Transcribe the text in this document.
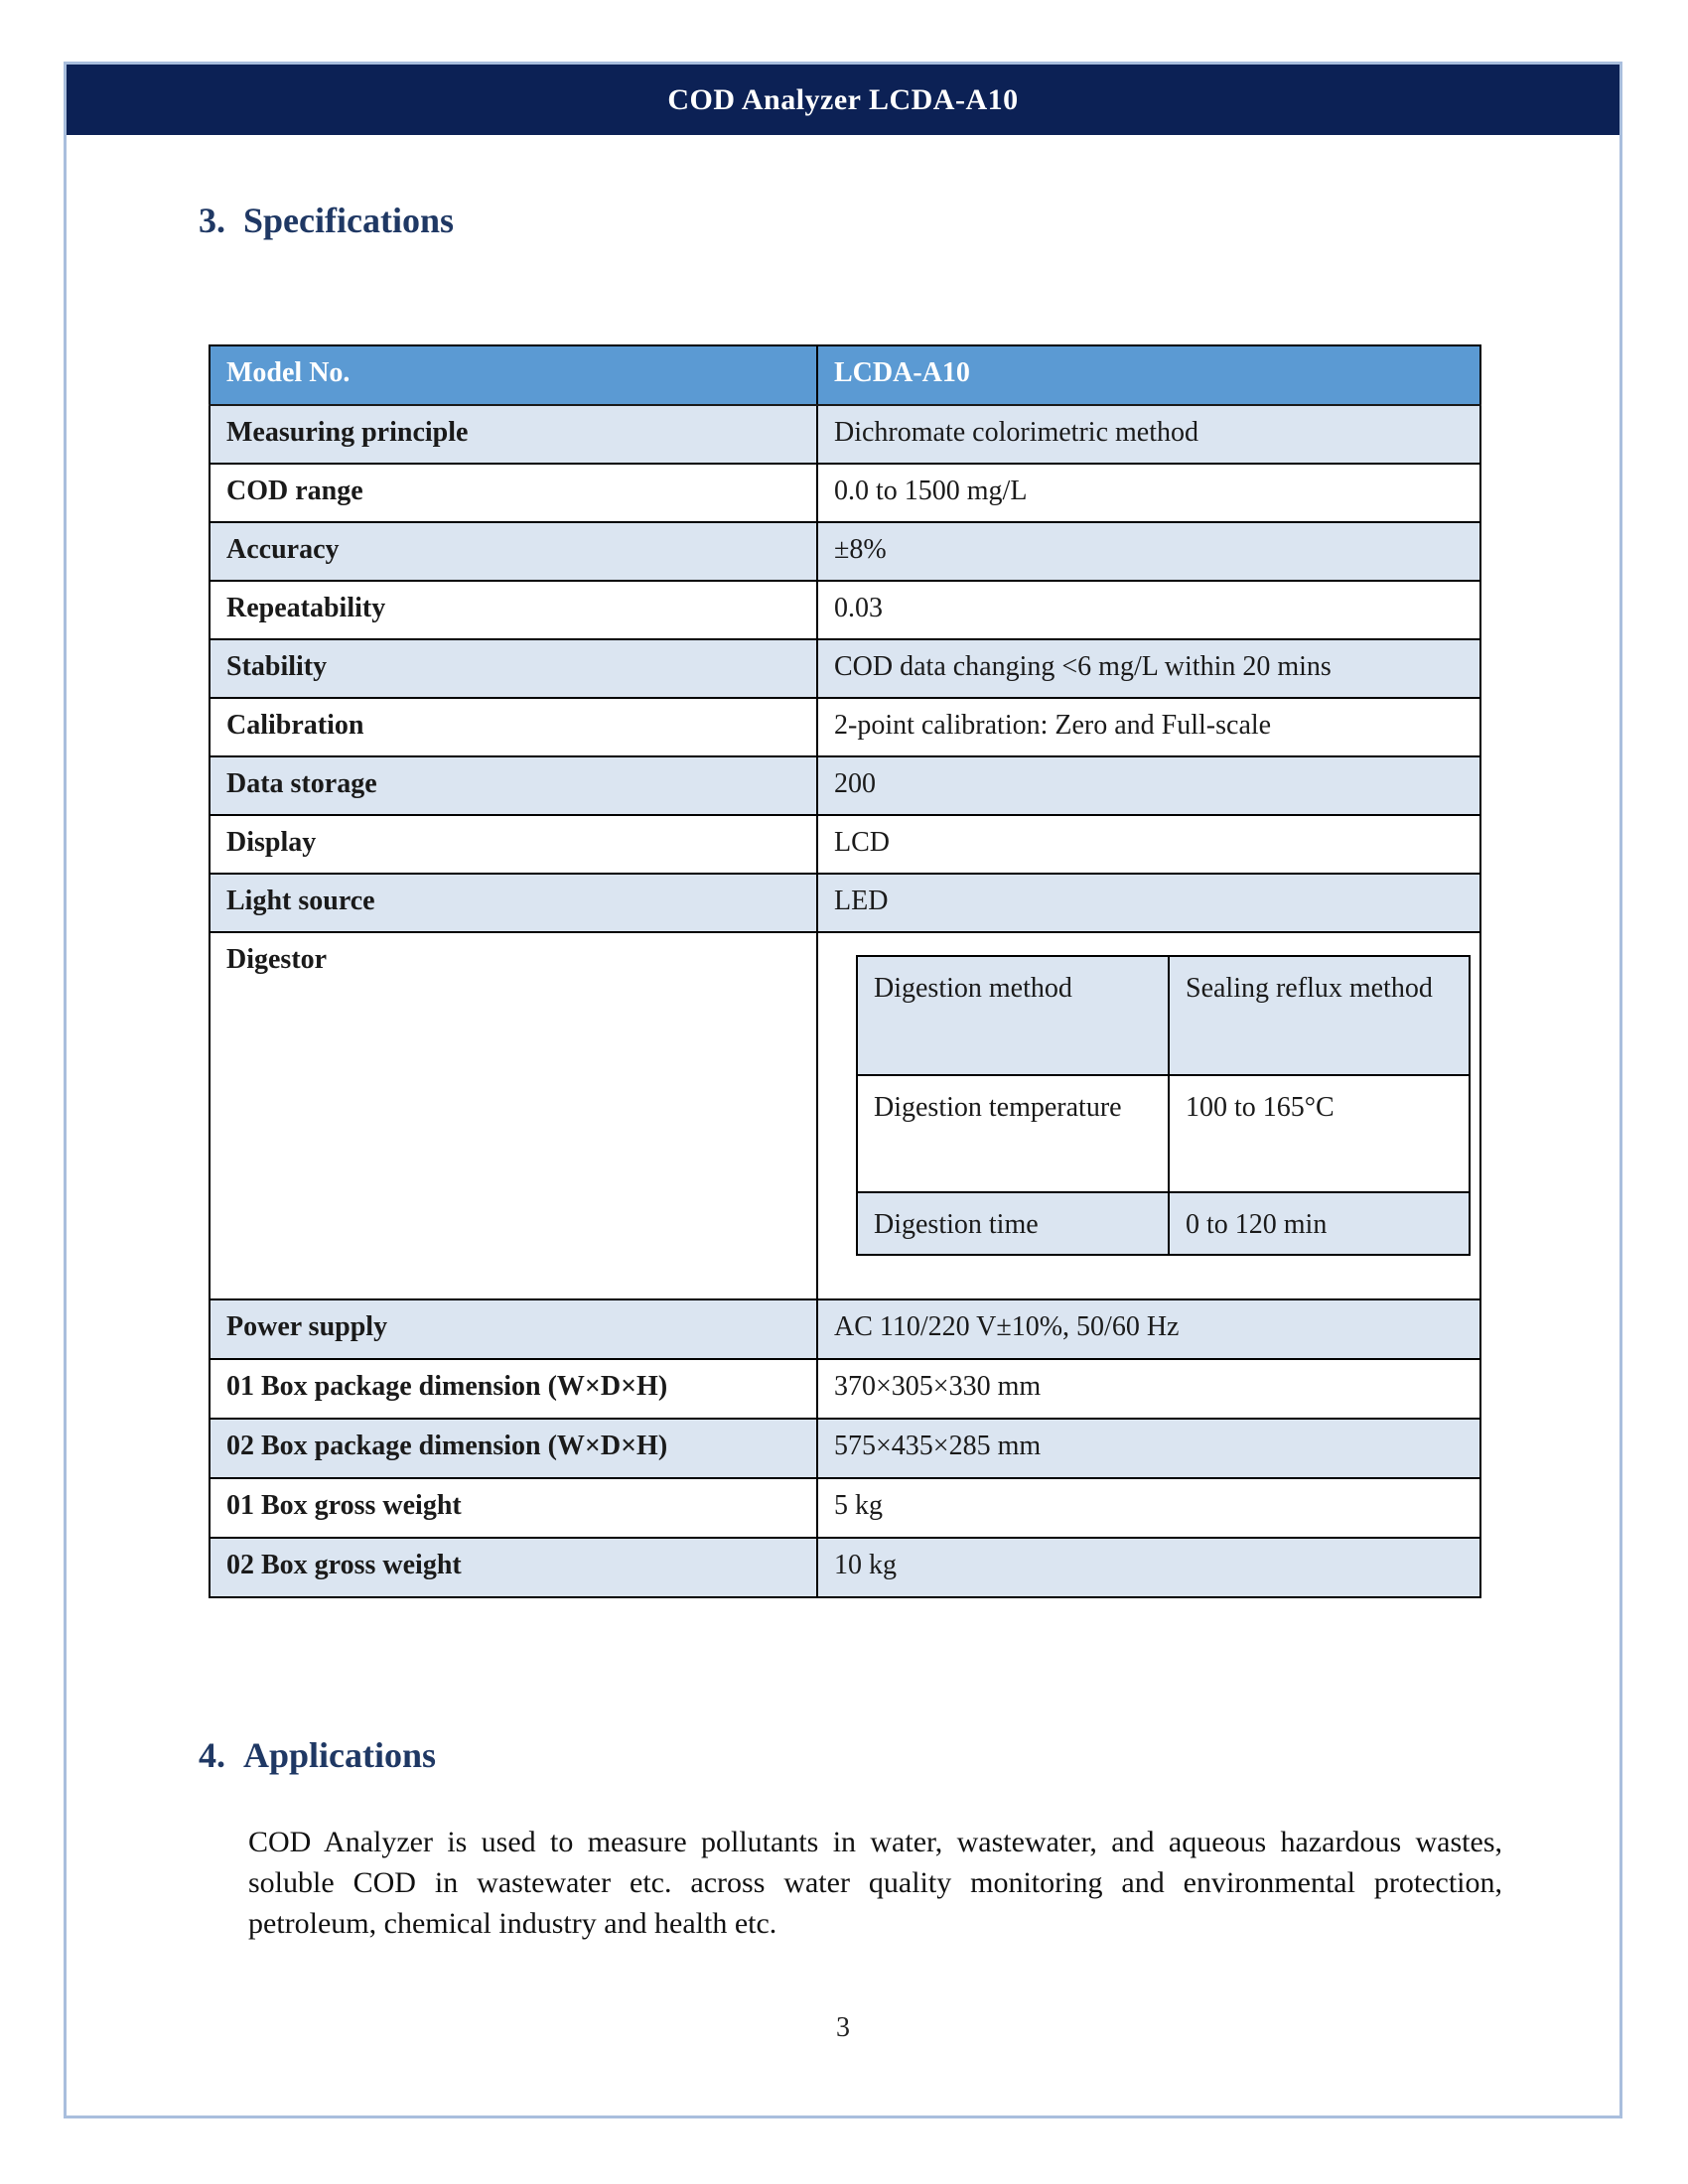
COD Analyzer LCDA-A10
3. Specifications
Model No.	LCDA-A10
Measuring principle	Dichromate colorimetric method
COD range	0.0 to 1500 mg/L
Accuracy	±8%
Repeatability	0.03
Stability	COD data changing <6 mg/L within 20 mins
Calibration	2-point calibration: Zero and Full-scale
Data storage	200
Display	LCD
Light source	LED
Digestor	
Digestion method	Sealing reflux method
Digestion temperature	100 to 165°C
Digestion time	0 to 120 min

Power supply	AC 110/220 V±10%, 50/60 Hz
01 Box package dimension (W×D×H)	370×305×330 mm
02 Box package dimension (W×D×H)	575×435×285 mm
01 Box gross weight	5 kg
02 Box gross weight	10 kg
4. Applications
COD Analyzer is used to measure pollutants in water, wastewater, and aqueous hazardous wastes, soluble COD in wastewater etc. across water quality monitoring and environmental protection, petroleum, chemical industry and health etc.
3
